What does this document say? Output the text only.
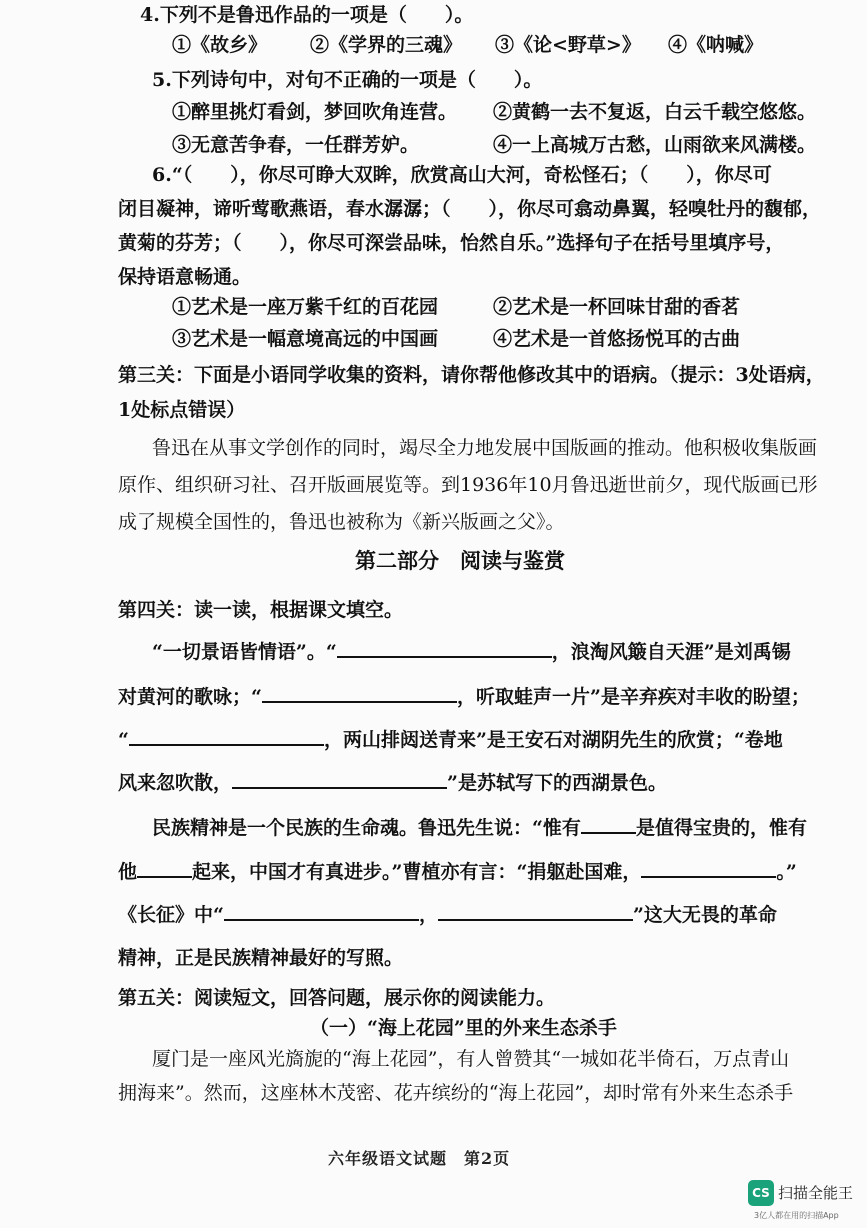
4.下列不是鲁迅作品的一项是（　　）。
①《故乡》 ②《学界的三魂》 ③《论<野草>》 ④《呐喊》
5.下列诗句中，对句不正确的一项是（　　）。
①醉里挑灯看剑，梦回吹角连营。 ②黄鹤一去不复返，白云千载空悠悠。
③无意苦争春，一任群芳妒。	④一上高城万古愁，山雨欲来风满楼。
6.“（　　），你尽可睁大双眸，欣赏高山大河，奇松怪石；（　　），你尽可
闭目凝神，谛听莺歌燕语，春水潺潺；（　　），你尽可翕动鼻翼，轻嗅牡丹的馥郁，
黄菊的芬芳；（　　），你尽可深尝品味，怡然自乐。”选择句子在括号里填序号，
保持语意畅通。
①艺术是一座万紫千红的百花园	②艺术是一杯回味甘甜的香茗
③艺术是一幅意境高远的中国画	④艺术是一首悠扬悦耳的古曲
第三关：下面是小语同学收集的资料，请你帮他修改其中的语病。（提示：3处语病，
1处标点错误）
鲁迅在从事文学创作的同时，竭尽全力地发展中国版画的推动。他积极收集版画
原作、组织研习社、召开版画展览等。到1936年10月鲁迅逝世前夕，现代版画已形
成了规模全国性的，鲁迅也被称为《新兴版画之父》。
第二部分　阅读与鉴赏
第四关：读一读，根据课文填空。
“一切景语皆情语”。“	，浪淘风簸自天涯”是刘禹锡
对黄河的歌咏；“	，听取蛙声一片”是辛弃疾对丰收的盼望；
“	，两山排闼送青来”是王安石对湖阴先生的欣赏；“卷地
风来忽吹散，	”是苏轼写下的西湖景色。
民族精神是一个民族的生命魂。鲁迅先生说：“惟有	是值得宝贵的，惟有
他	起来，中国才有真进步。”曹植亦有言：“捐躯赴国难，	。”
《长征》中“	，	”这大无畏的革命
精神，正是民族精神最好的写照。
第五关：阅读短文，回答问题，展示你的阅读能力。
（一）“海上花园”里的外来生态杀手
厦门是一座风光旖旎的“海上花园”，有人曾赞其“一城如花半倚石，万点青山
拥海来”。然而，这座林木茂密、花卉缤纷的“海上花园”，却时常有外来生态杀手
六年级语文试题　第2页
CS 扫描全能王
3亿人都在用的扫描App
